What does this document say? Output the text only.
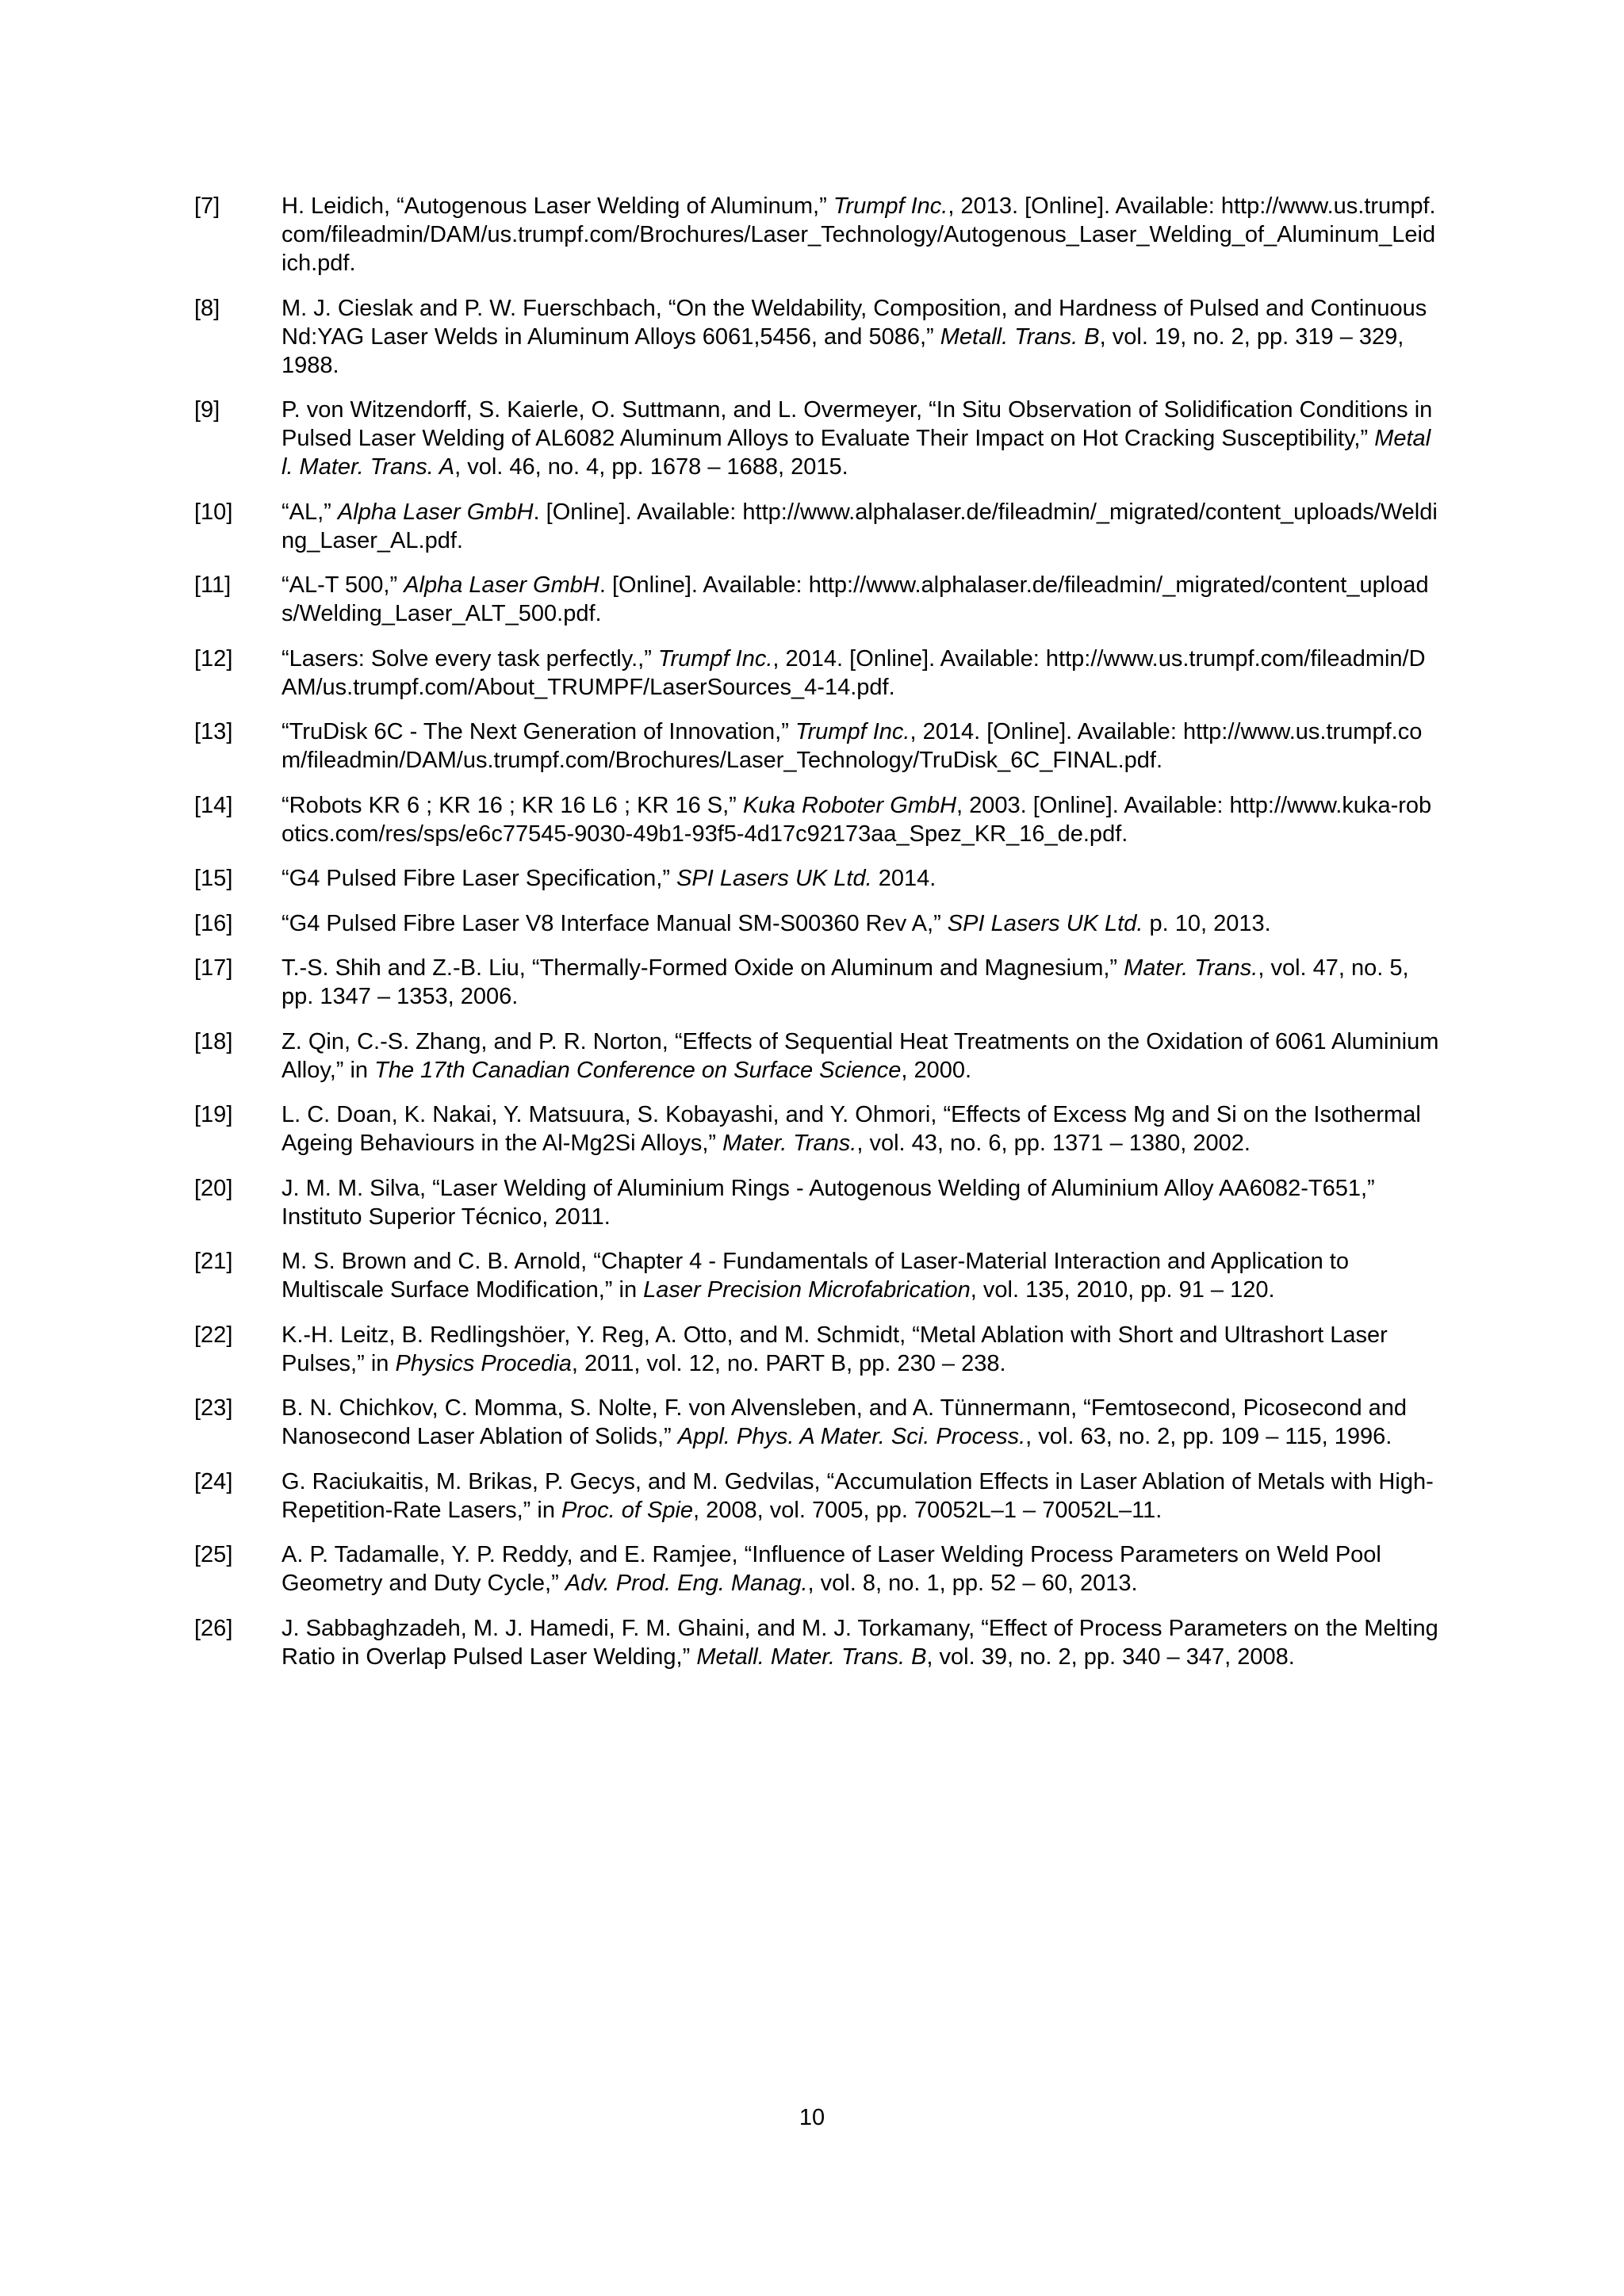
[7]	H. Leidich, “Autogenous Laser Welding of Aluminum,” Trumpf Inc., 2013. [Online]. Available: http://www.us.trumpf.com/fileadmin/DAM/us.trumpf.com/Brochures/Laser_Technology/Autogenous_Laser_Welding_of_Aluminum_Leidich.pdf.
[8]	M. J. Cieslak and P. W. Fuerschbach, “On the Weldability, Composition, and Hardness of Pulsed and Continuous Nd:YAG Laser Welds in Aluminum Alloys 6061,5456, and 5086,” Metall. Trans. B, vol. 19, no. 2, pp. 319 – 329, 1988.
[9]	P. von Witzendorff, S. Kaierle, O. Suttmann, and L. Overmeyer, “In Situ Observation of Solidification Conditions in Pulsed Laser Welding of AL6082 Aluminum Alloys to Evaluate Their Impact on Hot Cracking Susceptibility,” Metall. Mater. Trans. A, vol. 46, no. 4, pp. 1678 – 1688, 2015.
[10]	“AL,” Alpha Laser GmbH. [Online]. Available: http://www.alphalaser.de/fileadmin/_migrated/content_uploads/Welding_Laser_AL.pdf.
[11]	“AL-T 500,” Alpha Laser GmbH. [Online]. Available: http://www.alphalaser.de/fileadmin/_migrated/content_uploads/Welding_Laser_ALT_500.pdf.
[12]	“Lasers: Solve every task perfectly.,” Trumpf Inc., 2014. [Online]. Available: http://www.us.trumpf.com/fileadmin/DAM/us.trumpf.com/About_TRUMPF/LaserSources_4-14.pdf.
[13]	“TruDisk 6C - The Next Generation of Innovation,” Trumpf Inc., 2014. [Online]. Available: http://www.us.trumpf.com/fileadmin/DAM/us.trumpf.com/Brochures/Laser_Technology/TruDisk_6C_FINAL.pdf.
[14]	“Robots KR 6 ; KR 16 ; KR 16 L6 ; KR 16 S,” Kuka Roboter GmbH, 2003. [Online]. Available: http://www.kuka-robotics.com/res/sps/e6c77545-9030-49b1-93f5-4d17c92173aa_Spez_KR_16_de.pdf.
[15]	“G4 Pulsed Fibre Laser Specification,” SPI Lasers UK Ltd. 2014.
[16]	“G4 Pulsed Fibre Laser V8 Interface Manual SM-S00360 Rev A,” SPI Lasers UK Ltd. p. 10, 2013.
[17]	T.-S. Shih and Z.-B. Liu, “Thermally-Formed Oxide on Aluminum and Magnesium,” Mater. Trans., vol. 47, no. 5, pp. 1347 – 1353, 2006.
[18]	Z. Qin, C.-S. Zhang, and P. R. Norton, “Effects of Sequential Heat Treatments on the Oxidation of 6061 Aluminium Alloy,” in The 17th Canadian Conference on Surface Science, 2000.
[19]	L. C. Doan, K. Nakai, Y. Matsuura, S. Kobayashi, and Y. Ohmori, “Effects of Excess Mg and Si on the Isothermal Ageing Behaviours in the Al-Mg2Si Alloys,” Mater. Trans., vol. 43, no. 6, pp. 1371 – 1380, 2002.
[20]	J. M. M. Silva, “Laser Welding of Aluminium Rings - Autogenous Welding of Aluminium Alloy AA6082-T651,” Instituto Superior Técnico, 2011.
[21]	M. S. Brown and C. B. Arnold, “Chapter 4 - Fundamentals of Laser-Material Interaction and Application to Multiscale Surface Modification,” in Laser Precision Microfabrication, vol. 135, 2010, pp. 91 – 120.
[22]	K.-H. Leitz, B. Redlingshöer, Y. Reg, A. Otto, and M. Schmidt, “Metal Ablation with Short and Ultrashort Laser Pulses,” in Physics Procedia, 2011, vol. 12, no. PART B, pp. 230 – 238.
[23]	B. N. Chichkov, C. Momma, S. Nolte, F. von Alvensleben, and A. Tünnermann, “Femtosecond, Picosecond and Nanosecond Laser Ablation of Solids,” Appl. Phys. A Mater. Sci. Process., vol. 63, no. 2, pp. 109 – 115, 1996.
[24]	G. Raciukaitis, M. Brikas, P. Gecys, and M. Gedvilas, “Accumulation Effects in Laser Ablation of Metals with High-Repetition-Rate Lasers,” in Proc. of Spie, 2008, vol. 7005, pp. 70052L–1 – 70052L–11.
[25]	A. P. Tadamalle, Y. P. Reddy, and E. Ramjee, “Influence of Laser Welding Process Parameters on Weld Pool Geometry and Duty Cycle,” Adv. Prod. Eng. Manag., vol. 8, no. 1, pp. 52 – 60, 2013.
[26]	J. Sabbaghzadeh, M. J. Hamedi, F. M. Ghaini, and M. J. Torkamany, “Effect of Process Parameters on the Melting Ratio in Overlap Pulsed Laser Welding,” Metall. Mater. Trans. B, vol. 39, no. 2, pp. 340 – 347, 2008.
10
